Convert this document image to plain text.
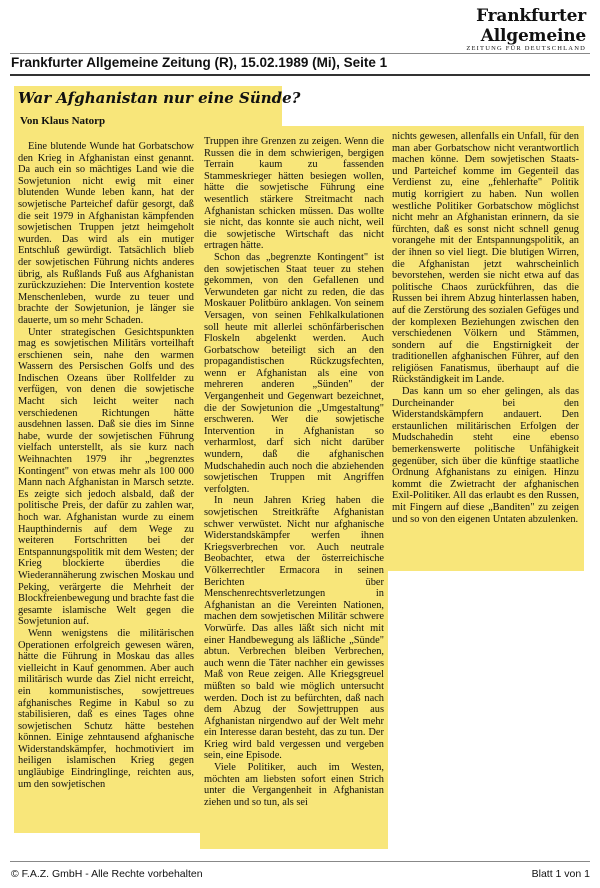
Frankfurter Allgemeine
ZEITUNG FÜR DEUTSCHLAND
Frankfurter Allgemeine Zeitung (R), 15.02.1989 (Mi), Seite 1
War Afghanistan nur eine Sünde?
Von Klaus Natorp

Eine blutende Wunde hat Gorbatschow den Krieg in Afghanistan einst genannt. Da auch ein so mächtiges Land wie die Sowjetunion nicht ewig mit einer blutenden Wunde leben kann, hat der sowjetische Parteichef dafür gesorgt, daß die seit 1979 in Afghanistan kämpfenden sowjetischen Truppen jetzt heimgeholt wurden. Das wird als ein mutiger Entschluß gewürdigt. Tatsächlich blieb der sowjetischen Führung nichts anderes übrig, als Rußlands Fuß aus Afghanistan zurückzuziehen: Die Intervention kostete Menschenleben, wurde zu teuer und brachte der Sowjetunion, je länger sie dauerte, um so mehr Schaden.

Unter strategischen Gesichtspunkten mag es sowjetischen Militärs vorteilhaft erschienen sein, nahe den warmen Wassern des Persischen Golfs und des Indischen Ozeans über Rollfelder zu verfügen, von denen die sowjetische Macht sich leicht weiter nach verschiedenen Richtungen hätte ausdehnen lassen. Daß sie dies im Sinne habe, wurde der sowjetischen Führung vielfach unterstellt, als sie kurz nach Weihnachten 1979 ihr „begrenztes Kontingent" von etwas mehr als 100 000 Mann nach Afghanistan in Marsch setzte. Es zeigte sich jedoch alsbald, daß der politische Preis, der dafür zu zahlen war, hoch war. Afghanistan wurde zu einem Haupthindernis auf dem Wege zu weiteren Fortschritten bei der Entspannungspolitik mit dem Westen; der Krieg blockierte überdies die Wiederannäherung zwischen Moskau und Peking, verärgerte die Mehrheit der Blockfreienbewegung und brachte fast die gesamte islamische Welt gegen die Sowjetunion auf.

Wenn wenigstens die militärischen Operationen erfolgreich gewesen wären, hätte die Führung in Moskau das alles vielleicht in Kauf genommen. Aber auch militärisch wurde das Ziel nicht erreicht, ein kommunistisches, sowjettreues afghanisches Regime in Kabul so zu stabilisieren, daß es eines Tages ohne sowjetischen Schutz hätte bestehen können. Einige zehntausend afghanische Widerstandskämpfer, hochmotiviert im heiligen islamischen Krieg gegen ungläubige Eindringlinge, reichten aus, um den sowjetischen

Truppen ihre Grenzen zu zeigen. Wenn die Russen die in dem schwierigen, bergigen Terrain kaum zu fassenden Stammeskrieger hätten besiegen wollen, hätte die sowjetische Führung eine wesentlich stärkere Streitmacht nach Afghanistan schicken müssen. Das wollte sie nicht, das konnte sie auch nicht, weil die sowjetische Wirtschaft das nicht ertragen hätte.

Schon das „begrenzte Kontingent" ist den sowjetischen Staat teuer zu stehen gekommen, von den Gefallenen und Verwundeten gar nicht zu reden, die das Moskauer Politbüro anklagen. Von seinem Versagen, von seinen Fehlkalkulationen soll heute mit allerlei schönfärberischen Floskeln abgelenkt werden. Auch Gorbatschow beteiligt sich an den propagandistischen Rückzugsfechten, wenn er Afghanistan als eine von mehreren anderen „Sünden" der Vergangenheit und Gegenwart bezeichnet, die der Sowjetunion die „Umgestaltung" erschweren. Wer die sowjetische Intervention in Afghanistan so verharmlost, darf sich nicht darüber wundern, daß die afghanischen Mudschahedin auch noch die abziehenden sowjetischen Truppen mit Angriffen verfolgten.

In neun Jahren Krieg haben die sowjetischen Streitkräfte Afghanistan schwer verwüstet. Nicht nur afghanische Widerstandskämpfer werfen ihnen Kriegsverbrechen vor. Auch neutrale Beobachter, etwa der österreichische Völkerrechtler Ermacora in seinen Berichten über Menschenrechtsverletzungen in Afghanistan an die Vereinten Nationen, machen dem sowjetischen Militär schwere Vorwürfe. Das alles läßt sich nicht mit einer Handbewegung als läßliche „Sünde" abtun. Verbrechen bleiben Verbrechen, auch wenn die Täter nachher ein gewisses Maß von Reue zeigen. Alle Kriegsgreuel müßten so bald wie möglich untersucht werden. Doch ist zu befürchten, daß nach dem Abzug der Sowjettruppen aus Afghanistan nirgendwo auf der Welt mehr ein Interesse daran besteht, das zu tun. Der Krieg wird bald vergessen und vergeben sein, eine Episode.

Viele Politiker, auch im Westen, möchten am liebsten sofort einen Strich unter die Vergangenheit in Afghanistan ziehen und so tun, als sei

nichts gewesen, allenfalls ein Unfall, für den man aber Gorbatschow nicht verantwortlich machen könne. Dem sowjetischen Staats- und Parteichef komme im Gegenteil das Verdienst zu, eine „fehlerhafte" Politik mutig korrigiert zu haben. Nun wollen westliche Politiker Gorbatschow möglichst nicht mehr an Afghanistan erinnern, da sie fürchten, daß es sonst nicht schnell genug vorangehe mit der Entspannungspolitik, an der ihnen so viel liegt. Die blutigen Wirren, die Afghanistan jetzt wahrscheinlich bevorstehen, werden sie nicht etwa auf das politische Chaos zurückführen, das die Russen bei ihrem Abzug hinterlassen haben, auf die Zerstörung des sozialen Gefüges und der komplexen Beziehungen zwischen den verschiedenen Völkern und Stämmen, sondern auf die Engstirnigkeit der traditionellen afghanischen Führer, auf den religiösen Fanatismus, überhaupt auf die Rückständigkeit im Lande.

Das kann um so eher gelingen, als das Durcheinander bei den Widerstandskämpfern andauert. Den erstaunlichen militärischen Erfolgen der Mudschahedin steht eine ebenso bemerkenswerte politische Unfähigkeit gegenüber, sich über die künftige staatliche Ordnung Afghanistans zu einigen. Hinzu kommt die Zwietracht der afghanischen Exil-Politiker. All das erlaubt es den Russen, mit Fingern auf diese „Banditen" zu zeigen und so von den eigenen Untaten abzulenken.

© F.A.Z. GmbH - Alle Rechte vorbehalten	Blatt 1 von 1
